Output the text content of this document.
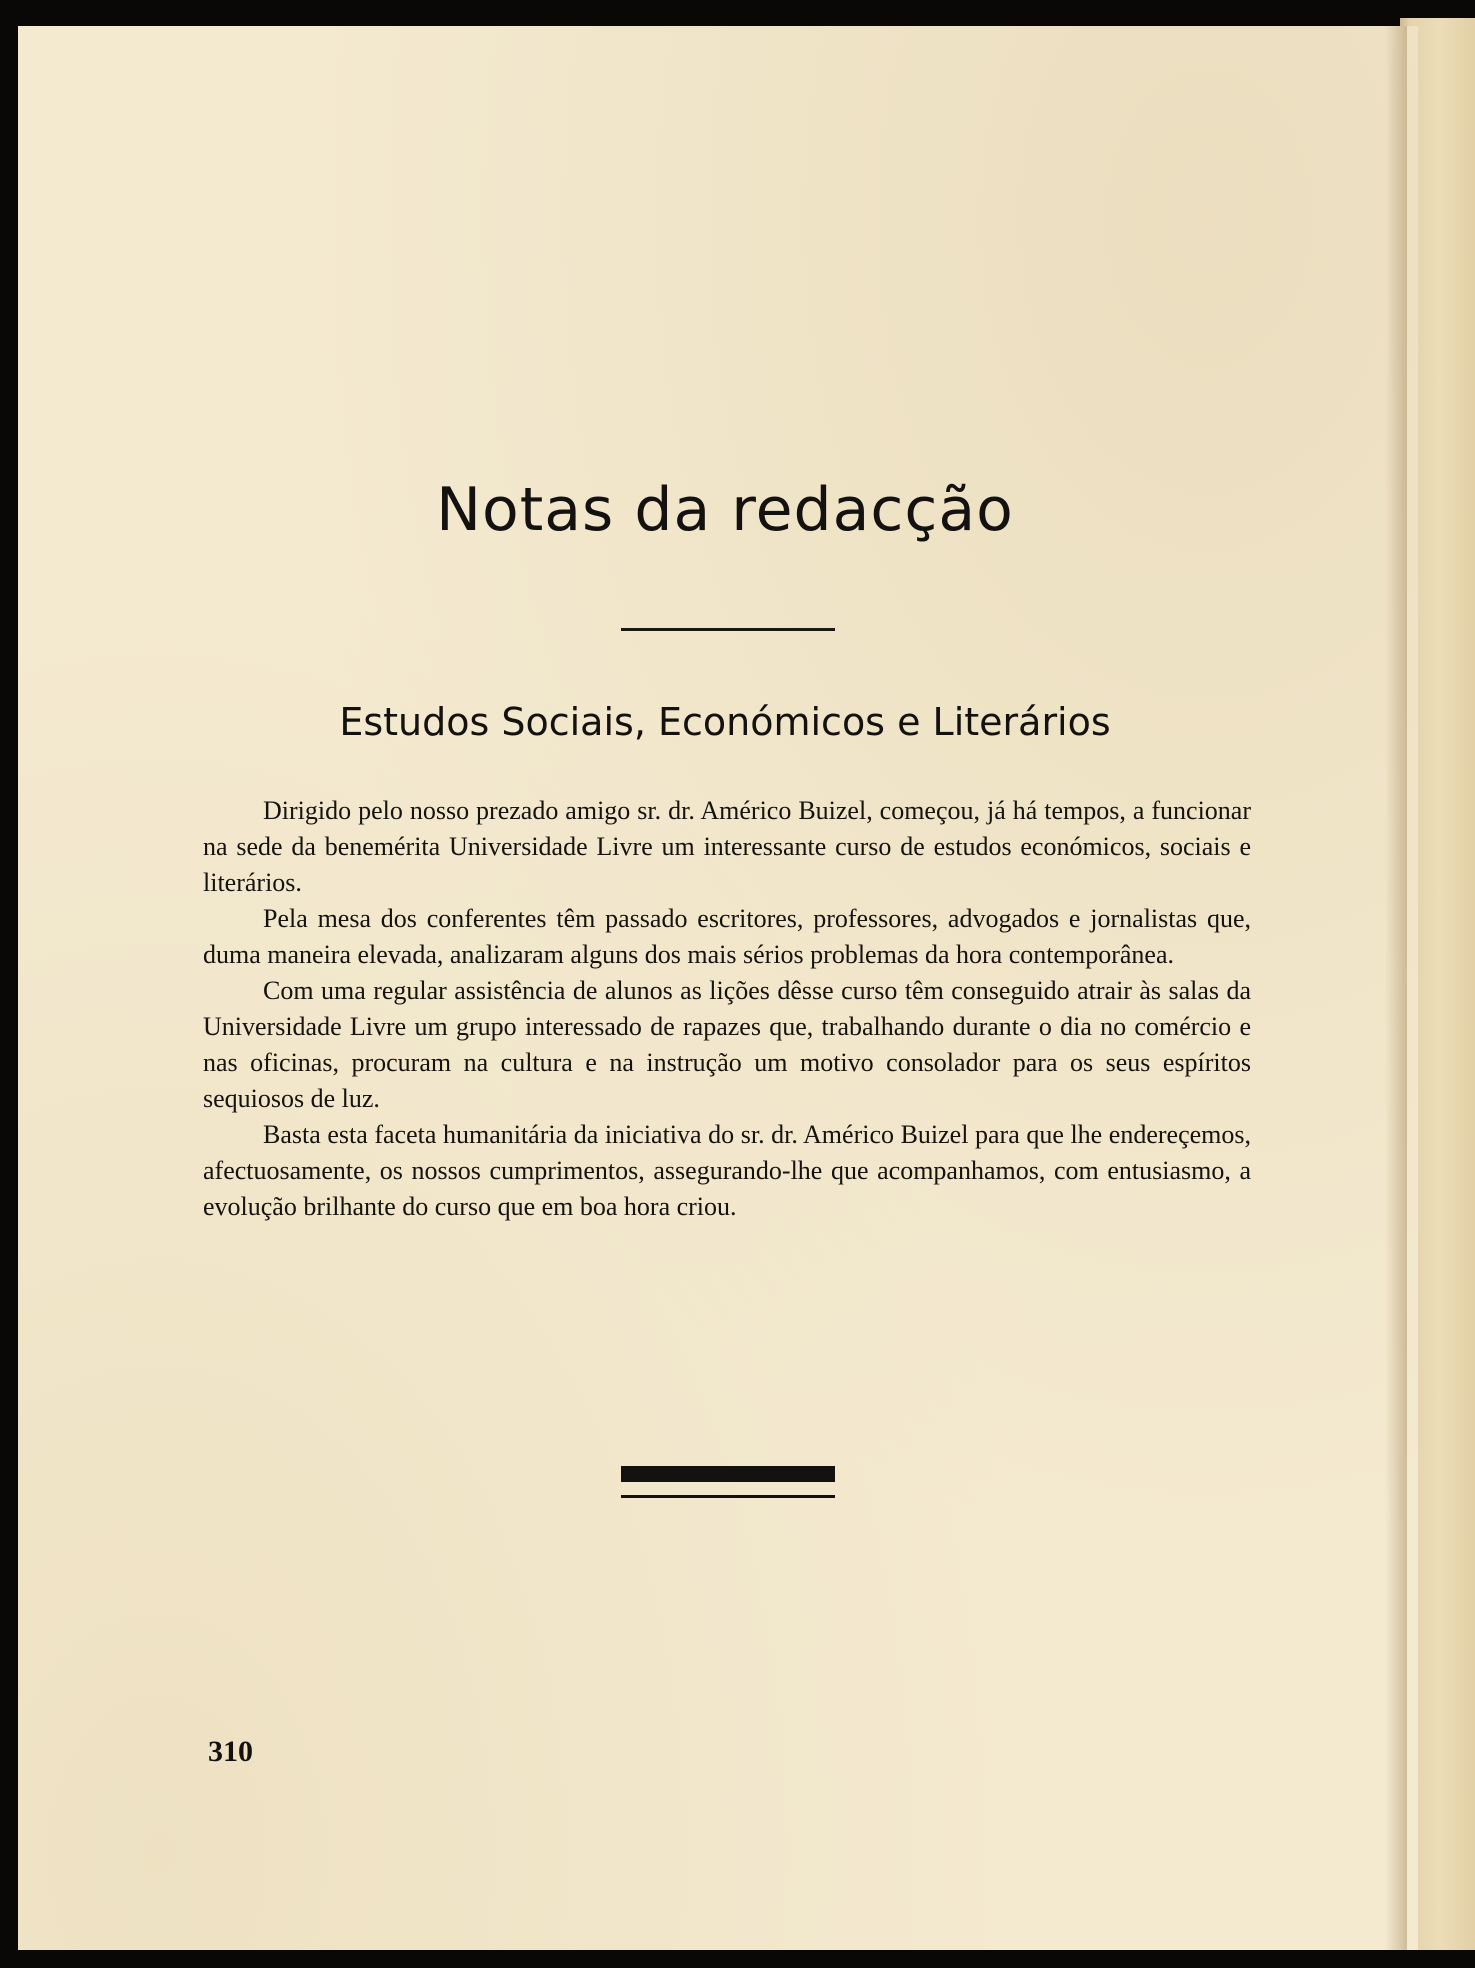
Notas da redacção
Estudos Sociais, Económicos e Literários

Dirigido pelo nosso prezado amigo sr. dr. Américo Buizel, começou, já há tempos, a funcionar na sede da benemérita Universidade Livre um interessante curso de estudos económicos, sociais e literários.

Pela mesa dos conferentes têm passado escritores, professores, advogados e jornalistas que, duma maneira elevada, analizaram alguns dos mais sérios problemas da hora contemporânea.

Com uma regular assistência de alunos as lições dêsse curso têm conseguido atrair às salas da Universidade Livre um grupo interessado de rapazes que, trabalhando durante o dia no comércio e nas oficinas, procuram na cultura e na instrução um motivo consolador para os seus espíritos sequiosos de luz.

Basta esta faceta humanitária da iniciativa do sr. dr. Américo Buizel para que lhe endereçemos, afectuosamente, os nossos cumprimentos, assegurando-lhe que acompanhamos, com entusiasmo, a evolução brilhante do curso que em boa hora criou.

310
